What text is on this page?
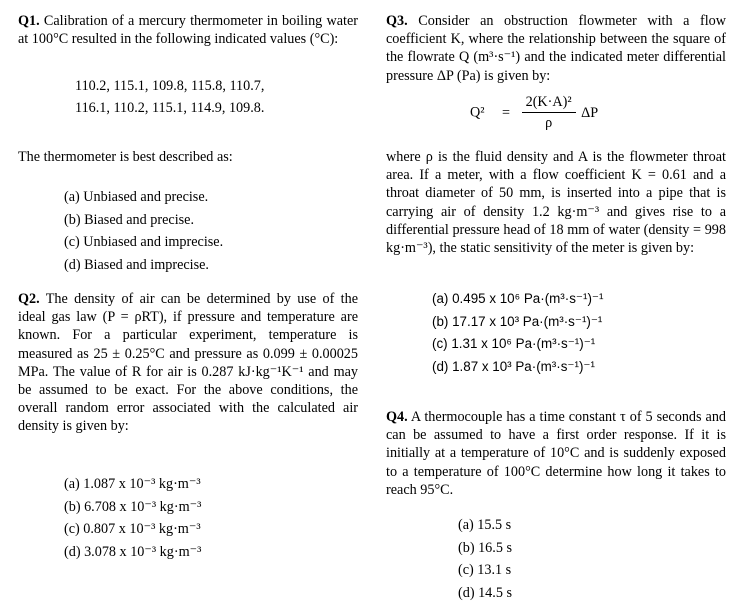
Q1. Calibration of a mercury thermometer in boiling water at 100°C resulted in the following indicated values (°C):

110.2, 115.1, 109.8, 115.8, 110.7,
116.1, 110.2, 115.1, 114.9, 109.8.
The thermometer is best described as:
(a) Unbiased and precise.
(b) Biased and precise.
(c) Unbiased and imprecise.
(d) Biased and imprecise.

Q2. The density of air can be determined by use of the ideal gas law (P = ρRT), if pressure and temperature are known. For a particular experiment, temperature is measured as 25 ± 0.25°C and pressure as 0.099 ± 0.00025 MPa. The value of R for air is 0.287 kJ·kg⁻¹K⁻¹ and may be assumed to be exact. For the above conditions, the overall random error associated with the calculated air density is given by:

(a) 1.087 x 10⁻³ kg·m⁻³
(b) 6.708 x 10⁻³ kg·m⁻³
(c) 0.807 x 10⁻³ kg·m⁻³
(d) 3.078 x 10⁻³ kg·m⁻³

Q3. Consider an obstruction flowmeter with a flow coefficient K, where the relationship between the square of the flowrate Q (m³·s⁻¹) and the indicated meter differential pressure ΔP (Pa) is given by:

$Q^2 = \frac{\text{2(K·A)²}}{\rho}$ ΔP

where ρ is the fluid density and A is the flowmeter throat area. If a meter, with a flow coefficient K = 0.61 and a throat diameter of 50 mm, is inserted into a pipe that is carrying air of density 1.2 kg·m⁻³ and gives rise to a differential pressure head of 18 mm of water (density = 998 kg·m⁻³), the static sensitivity of the meter is given by:

(a) 0.495 x 10⁶ Pa·(m³·s⁻¹)⁻¹
(b) 17.17 x 10³ Pa·(m³·s⁻¹)⁻¹
(c) 1.31 x 10⁶ Pa·(m³·s⁻¹)⁻¹
(d) 1.87 x 10³ Pa·(m³·s⁻¹)⁻¹

Q4. A thermocouple has a time constant τ of 5 seconds and can be assumed to have a first order response. If it is initially at a temperature of 10°C and is suddenly exposed to a temperature of 100°C determine how long it takes to reach 95°C.

(a) 15.5 s
(b) 16.5 s
(c) 13.1 s
(d) 14.5 s
